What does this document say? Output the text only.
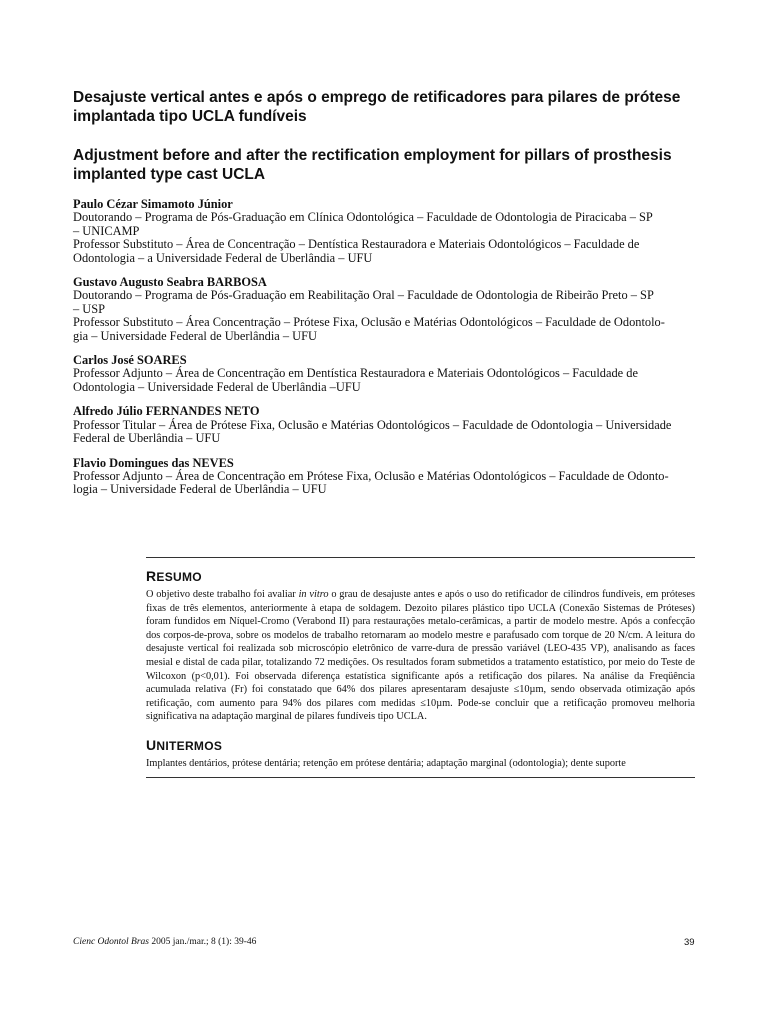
Desajuste vertical antes e após o emprego de retificadores para pilares de prótese
implantada tipo UCLA fundíveis
Adjustment before and after the rectification employment for pillars of prosthesis
implanted type cast UCLA
Paulo Cézar Simamoto Júnior
Doutorando – Programa de Pós-Graduação em Clínica Odontológica – Faculdade de Odontologia de Piracicaba – SP
– UNICAMP
Professor Substituto – Área de Concentração – Dentística Restauradora e Materiais Odontológicos – Faculdade de
Odontologia – a Universidade Federal de Uberlândia – UFU
Gustavo Augusto Seabra BARBOSA
Doutorando – Programa de Pós-Graduação em Reabilitação Oral – Faculdade de Odontologia de Ribeirão Preto – SP
– USP
Professor Substituto – Área Concentração – Prótese Fixa, Oclusão e Matérias Odontológicos – Faculdade de Odontolo-
gia – Universidade Federal de Uberlândia – UFU
Carlos José SOARES
Professor Adjunto – Área de Concentração em Dentística Restauradora e Materiais Odontológicos – Faculdade de
Odontologia – Universidade Federal de Uberlândia –UFU
Alfredo Júlio FERNANDES NETO
Professor Titular – Área de Prótese Fixa, Oclusão e Matérias Odontológicos – Faculdade de Odontologia – Universidade
Federal de Uberlândia – UFU
Flavio Domingues das NEVES
Professor Adjunto – Área de Concentração em Prótese Fixa, Oclusão e Matérias Odontológicos – Faculdade de Odonto-
logia – Universidade Federal de Uberlândia – UFU
RESUMO
O objetivo deste trabalho foi avaliar in vitro o grau de desajuste antes e após o uso do retificador de cilindros fundíveis, em próteses fixas de três elementos, anteriormente à etapa de soldagem. Dezoito pilares plástico tipo UCLA (Conexão Sistemas de Próteses) foram fundidos em Níquel-Cromo (Verabond II) para restaurações metalo-cerâmicas, a partir de modelo mestre. Após a confecção dos corpos-de-prova, sobre os modelos de trabalho retornaram ao modelo mestre e parafusado com torque de 20 N/cm. A leitura do desajuste vertical foi realizada sob microscópio eletrônico de varre-dura de pressão variável (LEO-435 VP), analisando as faces mesial e distal de cada pilar, totalizando 72 medições. Os resultados foram submetidos a tratamento estatístico, por meio do Teste de Wilcoxon (p<0,01). Foi observada diferença estatística significante após a retificação dos pilares. Na análise da Freqüência acumulada relativa (Fr) foi constatado que 64% dos pilares apresentaram desajuste ≤10µm, sendo observada otimização após retificação, com aumento para 94% dos pilares com medidas ≤10µm. Pode-se concluir que a retificação promoveu melhoria significativa na adaptação marginal de pilares fundíveis tipo UCLA.
UNITERMOS
Implantes dentários, prótese dentária; retenção em prótese dentária; adaptação marginal (odontologia); dente suporte
Cienc Odontol Bras 2005 jan./mar.; 8 (1): 39-46	39
